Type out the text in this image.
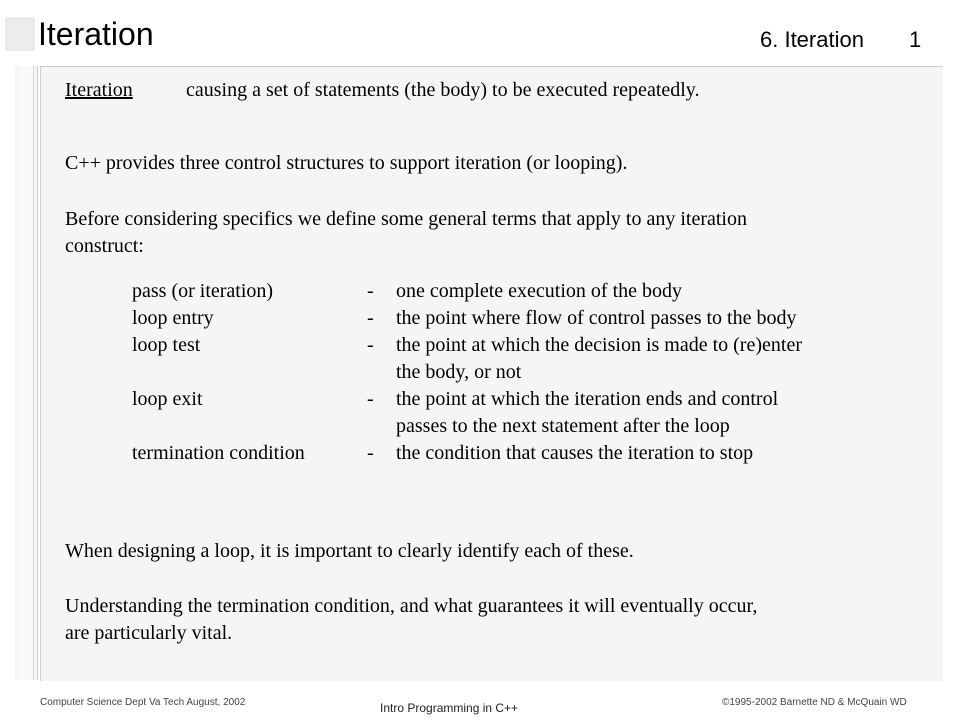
Iteration	6. Iteration 1
Iteration	causing a set of statements (the body) to be executed repeatedly.
C++ provides three control structures to support iteration (or looping).
Before considering specifics we define some general terms that apply to any iteration
construct:
pass (or iteration)	- one complete execution of the body
loop entry	- the point where flow of control passes to the body
loop test	- the point at which the decision is made to (re)enter
the body, or not
loop exit	- the point at which the iteration ends and control
passes to the next statement after the loop
termination condition	- the condition that causes the iteration to stop
When designing a loop, it is important to clearly identify each of these.
Understanding the termination condition, and what guarantees it will eventually occur,
are particularly vital.
Computer Science Dept Va Tech August, 2002	Intro Programming in C++	©1995-2002 Barnette ND & McQuain WD
